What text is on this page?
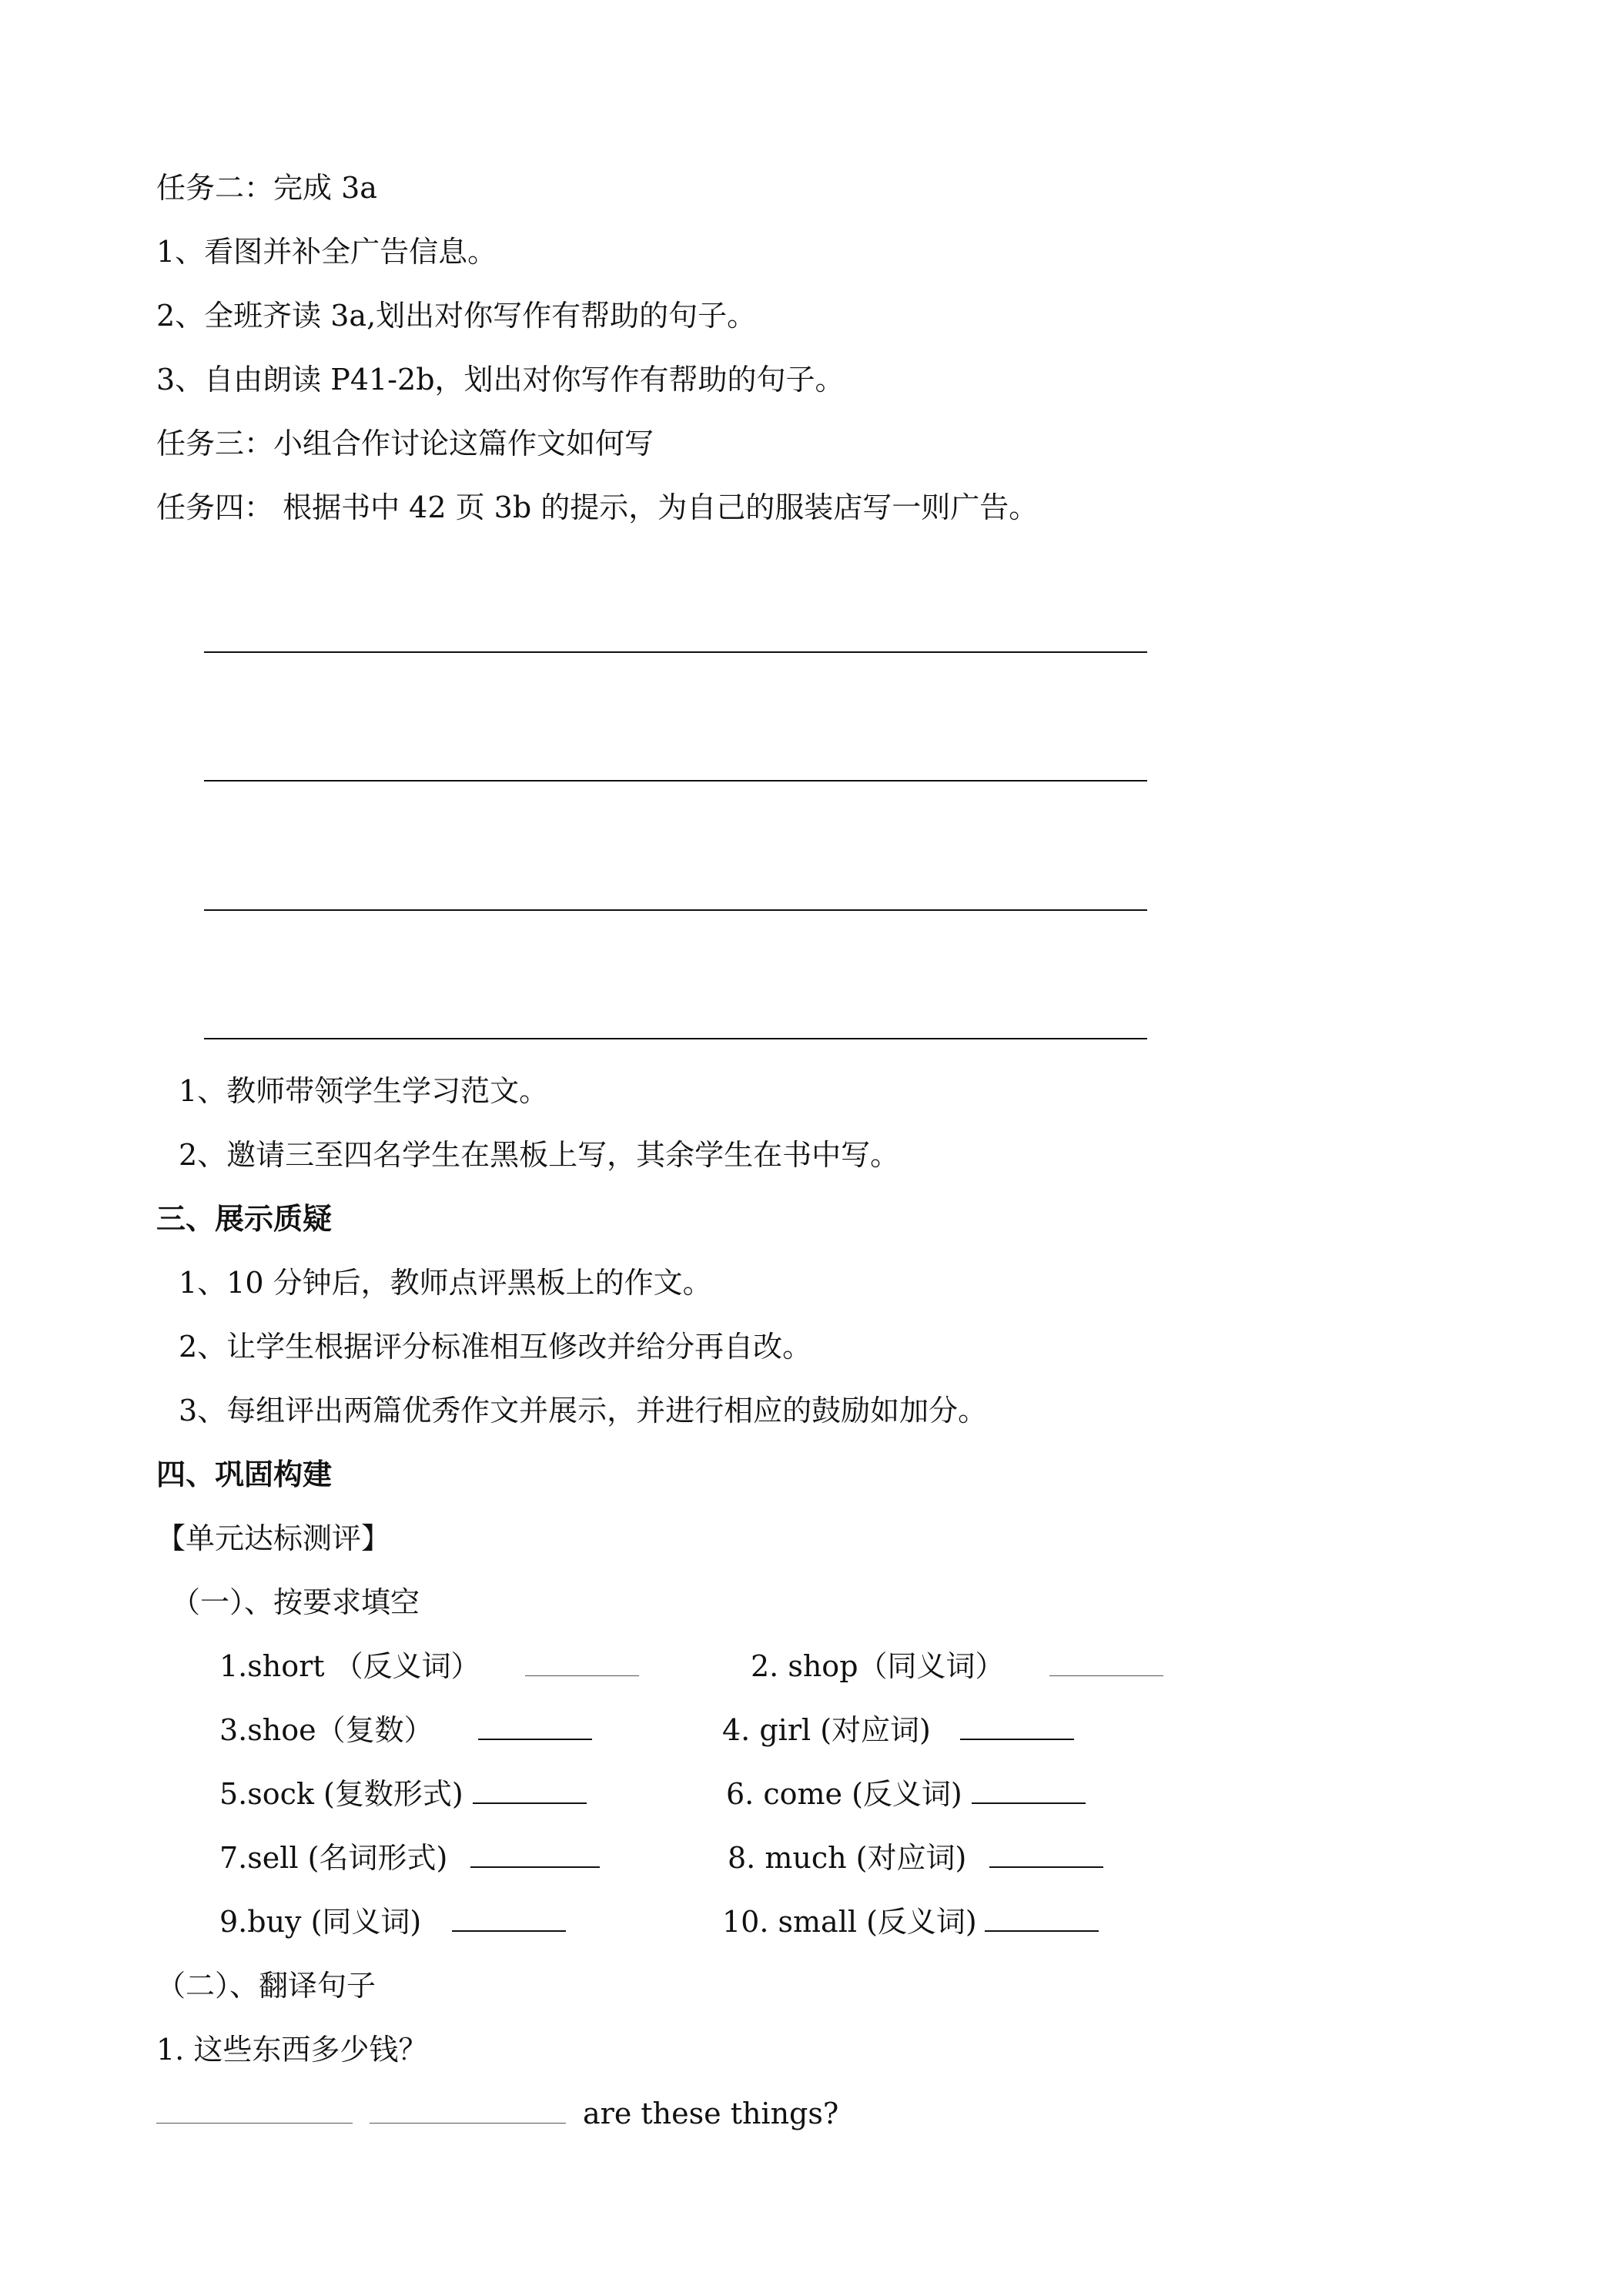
任务二：完成 3a
1、看图并补全广告信息。
2、全班齐读 3a,划出对你写作有帮助的句子。
3、自由朗读 P41-2b，划出对你写作有帮助的句子。
任务三：小组合作讨论这篇作文如何写
任务四： 根据书中 42 页 3b 的提示，为自己的服装店写一则广告。
1、教师带领学生学习范文。
2、邀请三至四名学生在黑板上写，其余学生在书中写。
三、展示质疑
1、10 分钟后，教师点评黑板上的作文。
2、让学生根据评分标准相互修改并给分再自改。
3、每组评出两篇优秀作文并展示，并进行相应的鼓励如加分。
四、巩固构建
【单元达标测评】
（一）、按要求填空
1.short （反义词）	2. shop（同义词）
3.shoe（复数）	4. girl (对应词)
5.sock (复数形式)	6. come (反义词)
7.sell (名词形式)	8. much (对应词)
9.buy (同义词)	10. small (反义词)
（二）、翻译句子
1. 这些东西多少钱？
are these things?
